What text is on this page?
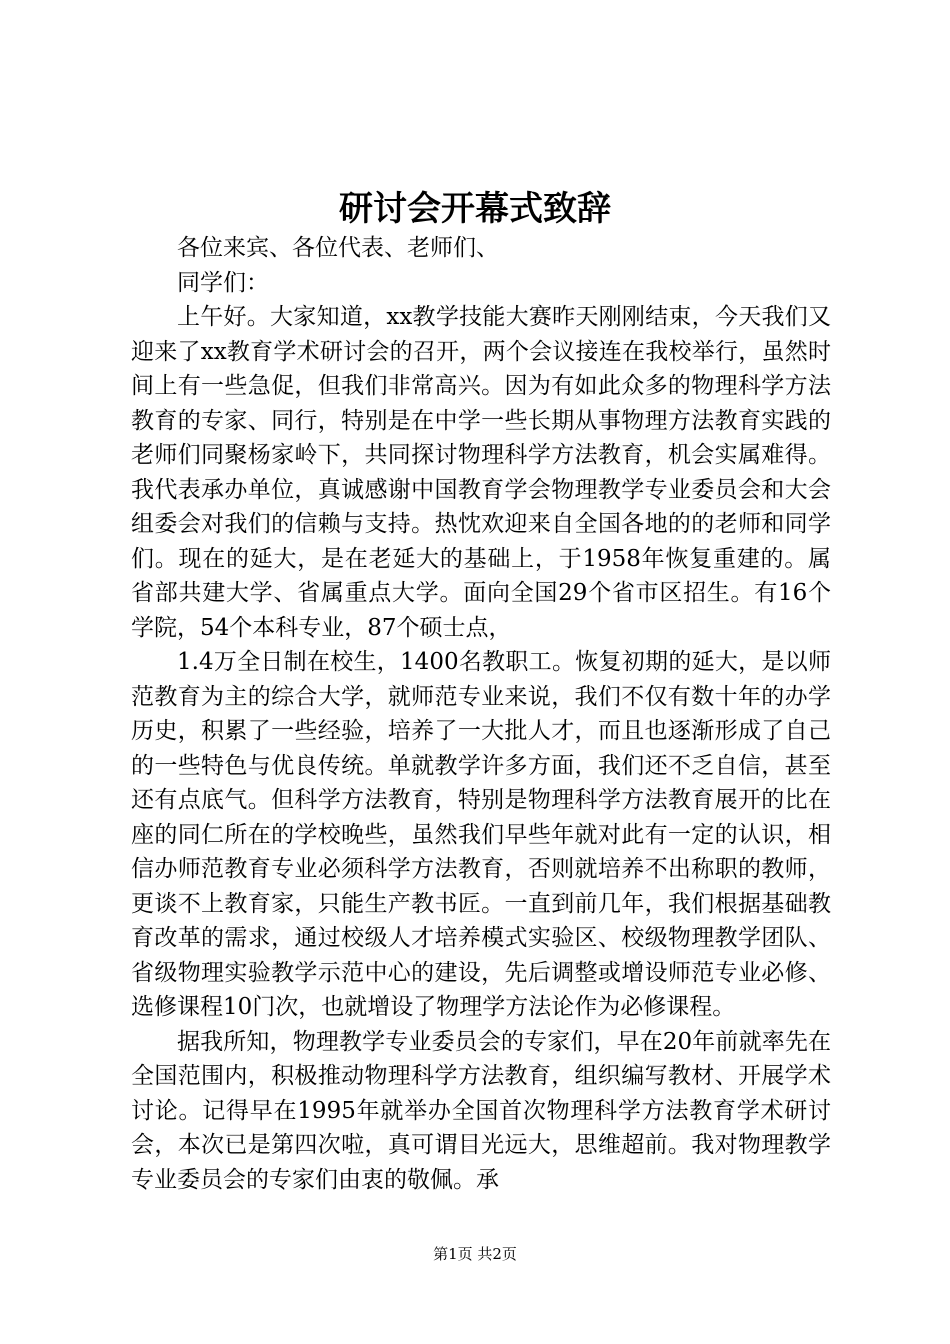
研讨会开幕式致辞

各位来宾、各位代表、老师们、

同学们：

上午好。大家知道，xx教学技能大赛昨天刚刚结束，今天我们又迎来了xx教育学术研讨会的召开，两个会议接连在我校举行，虽然时间上有一些急促，但我们非常高兴。因为有如此众多的物理科学方法教育的专家、同行，特别是在中学一些长期从事物理方法教育实践的老师们同聚杨家岭下，共同探讨物理科学方法教育，机会实属难得。我代表承办单位，真诚感谢中国教育学会物理教学专业委员会和大会组委会对我们的信赖与支持。热忱欢迎来自全国各地的的老师和同学们。现在的延大，是在老延大的基础上，于1958年恢复重建的。属省部共建大学、省属重点大学。面向全国29个省市区招生。有16个学院，54个本科专业，87个硕士点，

1.4万全日制在校生，1400名教职工。恢复初期的延大，是以师范教育为主的综合大学，就师范专业来说，我们不仅有数十年的办学历史，积累了一些经验，培养了一大批人才，而且也逐渐形成了自己的一些特色与优良传统。单就教学许多方面，我们还不乏自信，甚至还有点底气。但科学方法教育，特别是物理科学方法教育展开的比在座的同仁所在的学校晚些，虽然我们早些年就对此有一定的认识，相信办师范教育专业必须科学方法教育，否则就培养不出称职的教师，更谈不上教育家，只能生产教书匠。一直到前几年，我们根据基础教育改革的需求，通过校级人才培养模式实验区、校级物理教学团队、省级物理实验教学示范中心的建设，先后调整或增设师范专业必修、选修课程10门次，也就增设了物理学方法论作为必修课程。

据我所知，物理教学专业委员会的专家们，早在20年前就率先在全国范围内，积极推动物理科学方法教育，组织编写教材、开展学术讨论。记得早在1995年就举办全国首次物理科学方法教育学术研讨会，本次已是第四次啦，真可谓目光远大，思维超前。我对物理教学专业委员会的专家们由衷的敬佩。承

第1页 共2页
